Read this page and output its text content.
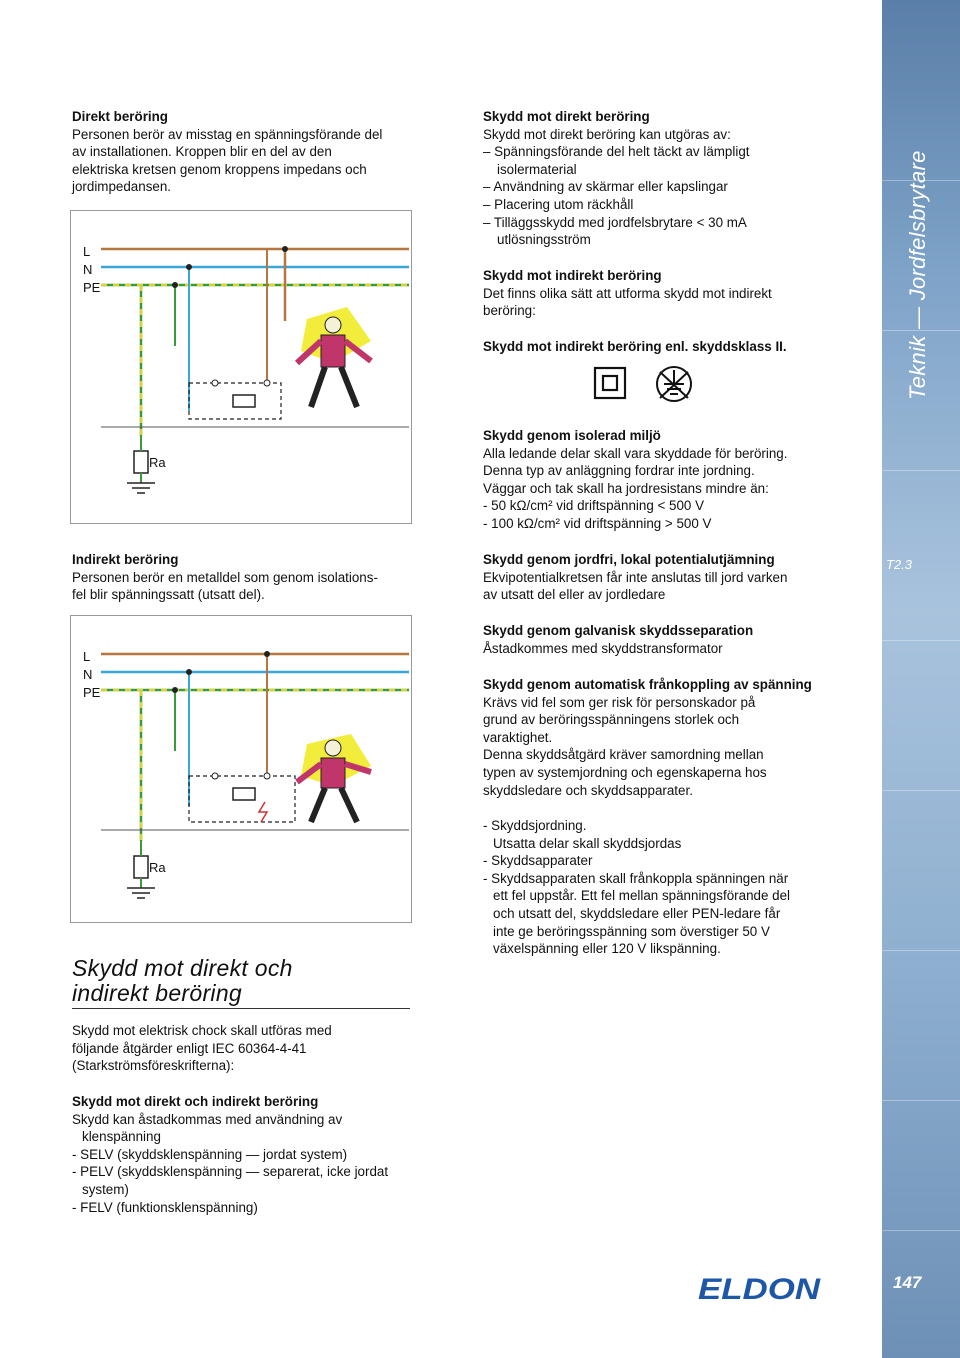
Teknik — Jordfelsbrytare
T2.3
147
Direkt beröring
Personen berör av misstag en spänningsförande del
av installationen. Kroppen blir en del av den
elektriska kretsen genom kroppens impedans och
jordimpedansen.
L
N
PE
Ra
Indirekt beröring
Personen berör en metalldel som genom isolations-
fel blir spänningssatt (utsatt del).
L
N
PE
Ra
Skydd mot direkt och
indirekt beröring
Skydd mot elektrisk chock skall utföras med
följande åtgärder enligt IEC 60364-4-41
(Starkströmsföreskrifterna):
Skydd mot direkt och indirekt beröring
Skydd kan åstadkommas med användning av
klenspänning
- SELV (skyddsklenspänning — jordat system)
- PELV (skyddsklenspänning — separerat, icke jordat
system)
- FELV (funktionsklenspänning)
Skydd mot direkt beröring
Skydd mot direkt beröring kan utgöras av:
– Spänningsförande del helt täckt av lämpligt
isolermaterial
– Användning av skärmar eller kapslingar
– Placering utom räckhåll
– Tilläggsskydd med jordfelsbrytare < 30 mA
utlösningsström
Skydd mot indirekt beröring
Det finns olika sätt att utforma skydd mot indirekt
beröring:
Skydd mot indirekt beröring enl. skyddsklass II.
Skydd genom isolerad miljö
Alla ledande delar skall vara skyddade för beröring.
Denna typ av anläggning fordrar inte jordning.
Väggar och tak skall ha jordresistans mindre än:
- 50 kΩ/cm² vid driftspänning < 500 V
- 100 kΩ/cm² vid driftspänning > 500 V
Skydd genom jordfri, lokal potentialutjämning
Ekvipotentialkretsen får inte anslutas till jord varken
av utsatt del eller av jordledare
Skydd genom galvanisk skyddsseparation
Åstadkommes med skyddstransformator
Skydd genom automatisk frånkoppling av spänning
Krävs vid fel som ger risk för personskador på
grund av beröringsspänningens storlek och
varaktighet.
Denna skyddsåtgärd kräver samordning mellan
typen av systemjordning och egenskaperna hos
skyddsledare och skyddsapparater.
- Skyddsjordning.
Utsatta delar skall skyddsjordas
- Skyddsapparater
- Skyddsapparaten skall frånkoppla spänningen när
ett fel uppstår. Ett fel mellan spänningsförande del
och utsatt del, skyddsledare eller PEN-ledare får
inte ge beröringsspänning som överstiger 50 V
växelspänning eller 120 V likspänning.
ELDON
